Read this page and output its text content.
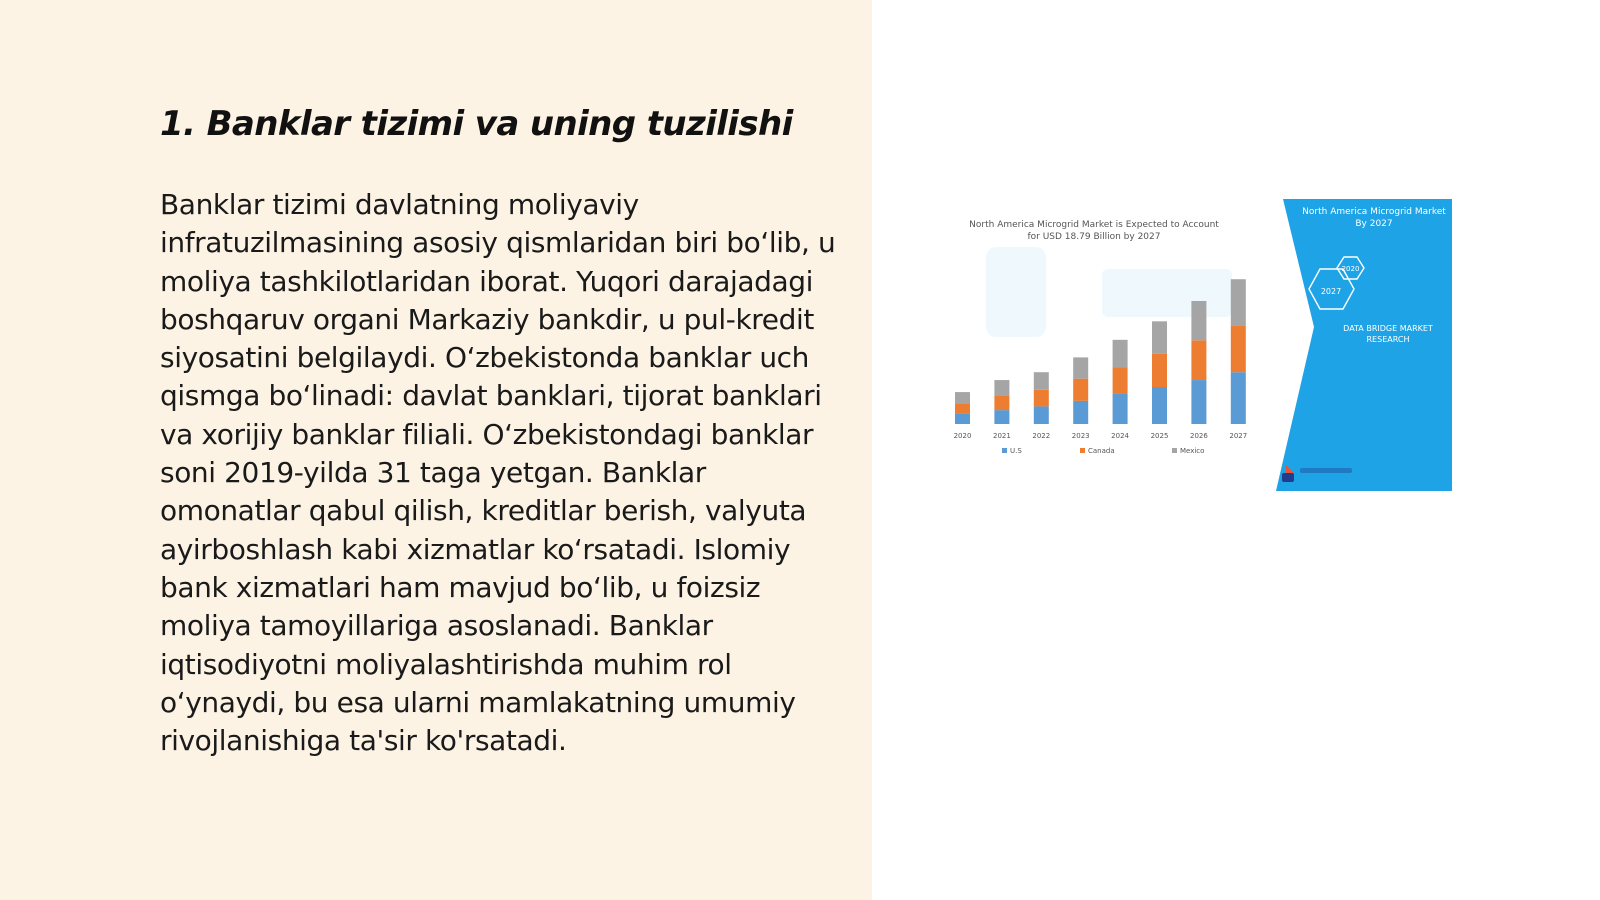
1. Banklar tizimi va uning tuzilishi

Banklar tizimi davlatning moliyaviy infratuzilmasining asosiy qismlaridan biri bo‘lib, u moliya tashkilotlaridan iborat. Yuqori darajadagi boshqaruv organi Markaziy bankdir, u pul-kredit siyosatini belgilaydi. O‘zbekistonda banklar uch qismga bo‘linadi: davlat banklari, tijorat banklari va xorijiy banklar filiali. O‘zbekistondagi banklar soni 2019-yilda 31 taga yetgan. Banklar omonatlar qabul qilish, kreditlar berish, valyuta ayirboshlash kabi xizmatlar ko‘rsatadi. Islomiy bank xizmatlari ham mavjud bo‘lib, u foizsiz moliya tamoyillariga asoslanadi. Banklar iqtisodiyotni moliyalashtirishda muhim rol o‘ynaydi, bu esa ularni mamlakatning umumiy rivojlanishiga ta'sir ko'rsatadi.

North America Microgrid Market is Expected to Account
for USD 18.79 Billion by 2027
2020	2021	2022	2023	2024	2025	2026	2027
U.S	Canada	Mexico
North America Microgrid Market
By 2027
2020
2027
DATA BRIDGE MARKET
RESEARCH
